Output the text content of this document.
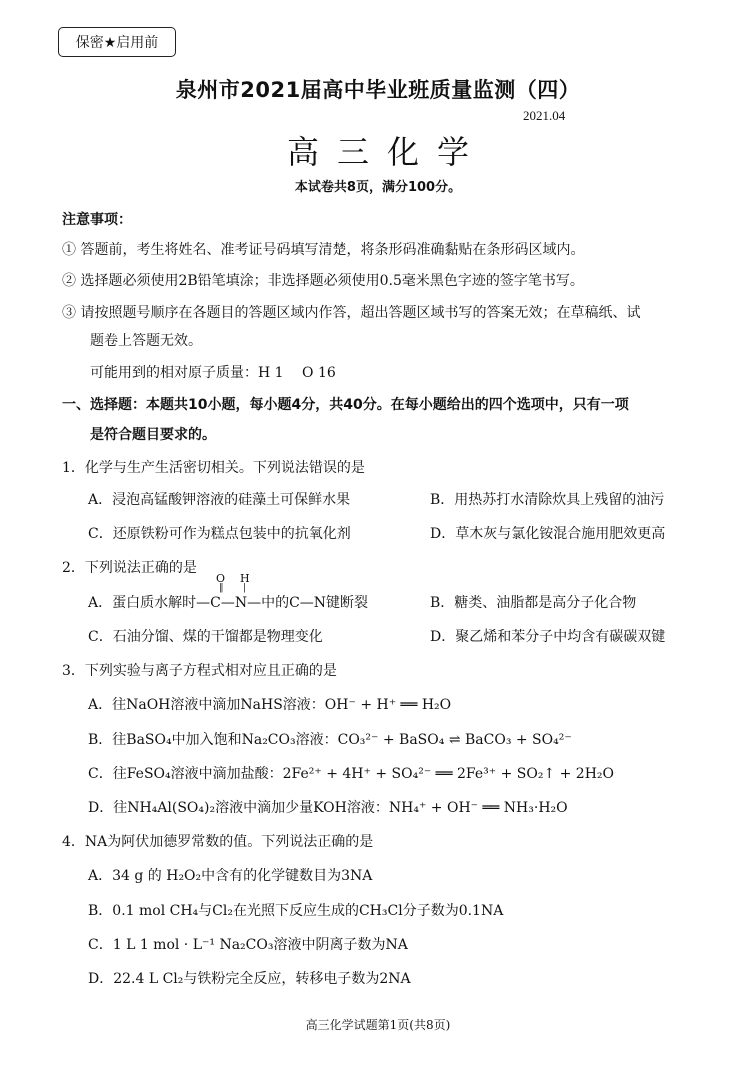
保密★启用前
泉州市2021届高中毕业班质量监测（四）
2021.04
高三化学
本试卷共8页，满分100分。
注意事项：
① 答题前，考生将姓名、准考证号码填写清楚，将条形码准确黏贴在条形码区域内。
② 选择题必须使用2B铅笔填涂；非选择题必须使用0.5毫米黑色字迹的签字笔书写。
③ 请按照题号顺序在各题目的答题区域内作答，超出答题区域书写的答案无效；在草稿纸、试
题卷上答题无效。
可能用到的相对原子质量：H 1　 O 16
一、选择题：本题共10小题，每小题4分，共40分。在每小题给出的四个选项中，只有一项
是符合题目要求的。
1．化学与生产生活密切相关。下列说法错误的是
A．浸泡高锰酸钾溶液的硅藻土可保鲜水果	B．用热苏打水清除炊具上残留的油污
C．还原铁粉可作为糕点包装中的抗氧化剂	D．草木灰与氯化铵混合施用肥效更高
2．下列说法正确的是
O H
‖ |
A．蛋白质水解时—C—N—中的C—N键断裂	B．糖类、油脂都是高分子化合物
C．石油分馏、煤的干馏都是物理变化	D．聚乙烯和苯分子中均含有碳碳双键
3．下列实验与离子方程式相对应且正确的是
A．往NaOH溶液中滴加NaHS溶液：OH⁻ + H⁺ ══ H₂O
B．往BaSO₄中加入饱和Na₂CO₃溶液：CO₃²⁻ + BaSO₄ ⇌ BaCO₃ + SO₄²⁻
C．往FeSO₄溶液中滴加盐酸：2Fe²⁺ + 4H⁺ + SO₄²⁻ ══ 2Fe³⁺ + SO₂↑ + 2H₂O
D．往NH₄Al(SO₄)₂溶液中滴加少量KOH溶液：NH₄⁺ + OH⁻ ══ NH₃·H₂O
4．NA为阿伏加德罗常数的值。下列说法正确的是
A．34 g 的 H₂O₂中含有的化学键数目为3NA
B．0.1 mol CH₄与Cl₂在光照下反应生成的CH₃Cl分子数为0.1NA
C．1 L 1 mol · L⁻¹ Na₂CO₃溶液中阴离子数为NA
D．22.4 L Cl₂与铁粉完全反应，转移电子数为2NA
高三化学试题第1页(共8页)
